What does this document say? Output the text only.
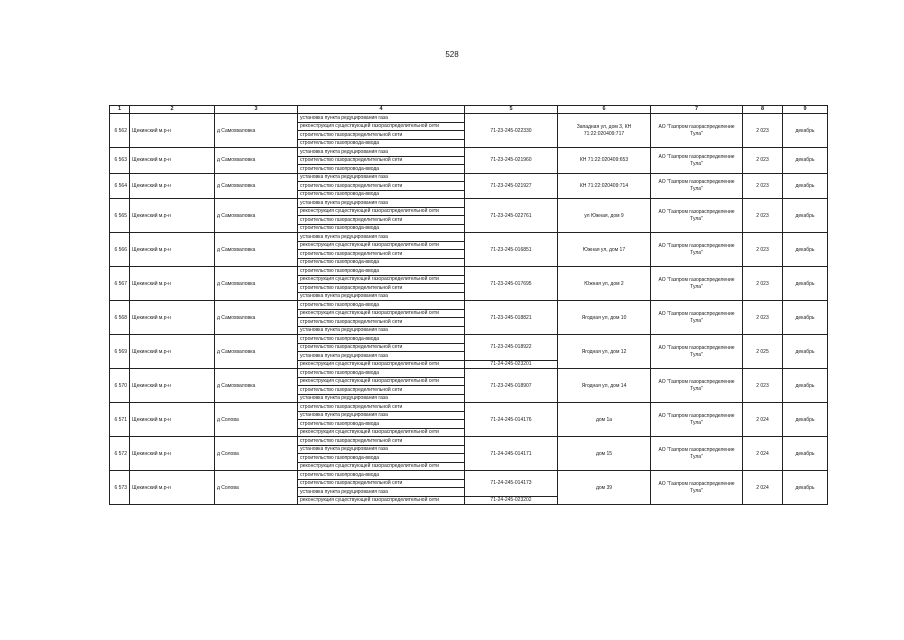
528
1	2	3	4	5	6	7	8	9
6 562	Щекинский м.р-н	д Самохваловка	установка пункта редуцирования газа	71-23-245-022330	Западная ул, дом 3, КН 71:22:020409:717	АО "Газпром газораспределение Тула"	2 023	декабрь
			реконструкция существующей газораспределительной сети					
			строительство газораспределительной сети					
			строительство газопровода-ввода					
6 563	Щекинский м.р-н	д Самохваловка	установка пункта редуцирования газа	71-23-245-021960	КН 71:22:020409:653	АО "Газпром газораспределение Тула"	2 023	декабрь
			строительство газораспределительной сети					
			строительство газопровода-ввода					
6 564	Щекинский м.р-н	д Самохваловка	установка пункта редуцирования газа	71-23-245-021927	КН 71:22:020409:714	АО "Газпром газораспределение Тула"	2 023	декабрь
			строительство газораспределительной сети					
			строительство газопровода-ввода					
6 565	Щекинский м.р-н	д Самохваловка	установка пункта редуцирования газа	71-23-245-022761	ул Южная, дом 9	АО "Газпром газораспределение Тула"	2 023	декабрь
			реконструкция существующей газораспределительной сети					
			строительство газораспределительной сети					
			строительство газопровода-ввода					
6 566	Щекинский м.р-н	д Самохваловка	установка пункта редуцирования газа	71-23-245-016851	Южная ул, дом 17	АО "Газпром газораспределение Тула"	2 023	декабрь
			реконструкция существующей газораспределительной сети					
			строительство газораспределительной сети					
			строительство газопровода-ввода					
6 567	Щекинский м.р-н	д Самохваловка	строительство газопровода-ввода	71-23-245-017695	Южная ул, дом 2	АО "Газпром газораспределение Тула"	2 023	декабрь
			реконструкция существующей газораспределительной сети					
			строительство газораспределительной сети					
			установка пункта редуцирования газа					
6 568	Щекинский м.р-н	д Самохваловка	строительство газопровода-ввода	71-23-245-018821	Ягодная ул, дом 10	АО "Газпром газораспределение Тула"	2 023	декабрь
			реконструкция существующей газораспределительной сети					
			строительство газораспределительной сети					
			установка пункта редуцирования газа					
6 569	Щекинский м.р-н	д Самохваловка	строительство газопровода-ввода	71-23-245-018922	Ягодная ул, дом 12	АО "Газпром газораспределение Тула"	2 025	декабрь
			строительство газораспределительной сети					
			установка пункта редуцирования газа					
			реконструкция существующей газораспределительной сети	71-24-245-023201				
6 570	Щекинский м.р-н	д Самохваловка	строительство газопровода-ввода	71-23-245-018907	Ягодная ул, дом 14	АО "Газпром газораспределение Тула"	2 023	декабрь
			реконструкция существующей газораспределительной сети					
			строительство газораспределительной сети					
			установка пункта редуцирования газа					
6 571	Щекинский м.р-н	д Солова	строительство газораспределительной сети	71-24-245-014176	дом 1а	АО "Газпром газораспределение Тула"	2 024	декабрь
			установка пункта редуцирования газа					
			строительство газопровода-ввода					
			реконструкция существующей газораспределительной сети					
6 572	Щекинский м.р-н	д Солова	строительство газораспределительной сети	71-24-245-014171	дом 15	АО "Газпром газораспределение Тула"	2 024	декабрь
			установка пункта редуцирования газа					
			строительство газопровода-ввода					
			реконструкция существующей газораспределительной сети					
6 573	Щекинский м.р-н	д Солова	строительство газопровода-ввода	71-24-245-014173	дом 39	АО "Газпром газораспределение Тула"	2 024	декабрь
			строительство газораспределительной сети					
			установка пункта редуцирования газа					
			реконструкция существующей газораспределительной сети	71-24-245-023202				
